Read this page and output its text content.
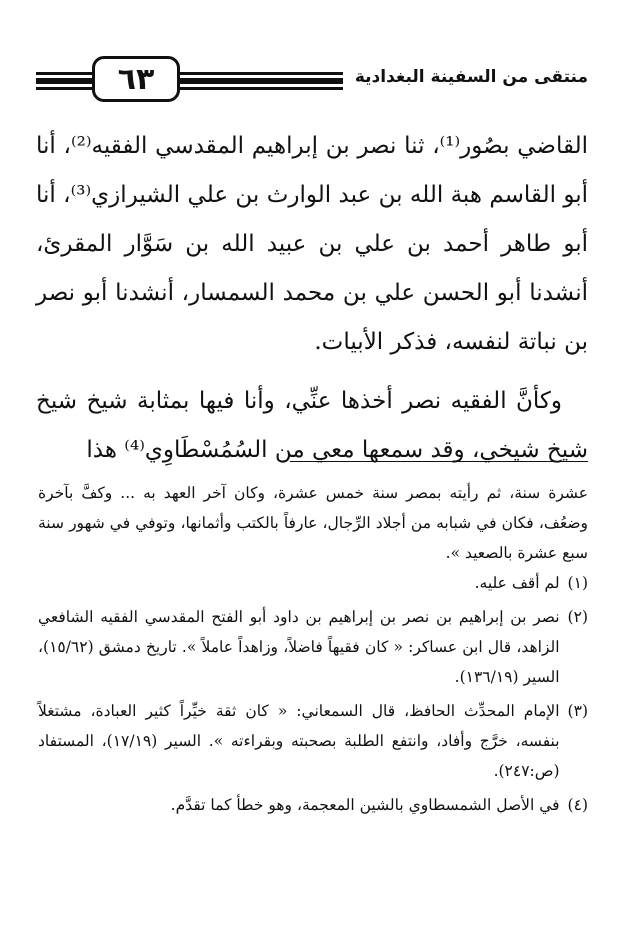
٦٣	منتقى من السفينة البغدادية

القاضي بصُور⁽¹⁾، ثنا نصر بن إبراهيم المقدسي الفقيه⁽²⁾، أنا أبو القاسم هبة الله بن عبد الوارث بن علي الشيرازي⁽³⁾، أنا أبو طاهر أحمد بن علي بن عبيد الله بن سَوَّار المقرئ، أنشدنا أبو الحسن علي بن محمد السمسار، أنشدنا أبو نصر بن نباتة لنفسه، فذكر الأبيات.

وكأنَّ الفقيه نصر أخذها عنِّي، وأنا فيها بمثابة شيخ شيخ شيخ شيخي، وقد سمعها معي من السُمُسْطَاوِي⁽⁴⁾ هذا

عشرة سنة، ثم رأيته بمصر سنة خمس عشرة، وكان آخر العهد به ... وكفَّ بآخرة وضعُف، فكان في شبابه من أجلاد الرِّجال، عارفاً بالكتب وأثمانها، وتوفي في شهور سنة سبع عشرة بالصعيد ».

(١)
لم أقف عليه.
(٢)
نصر بن إبراهيم بن نصر بن إبراهيم بن داود أبو الفتح المقدسي الفقيه الشافعي الزاهد، قال ابن عساكر: « كان فقيهاً فاضلاً، وزاهداً عاملاً ». تاريخ دمشق (١٥/٦٢)، السير (١٣٦/١٩).
(٣)
الإمام المحدِّث الحافظ، قال السمعاني: « كان ثقة خيِّراً كثير العبادة، مشتغلاً بنفسه، خرَّج وأفاد، وانتفع الطلبة بصحبته وبقراءته ». السير (١٧/١٩)، المستفاد (ص:٢٤٧).
(٤)
في الأصل الشمسطاوي بالشين المعجمة، وهو خطأ كما تقدَّم.
